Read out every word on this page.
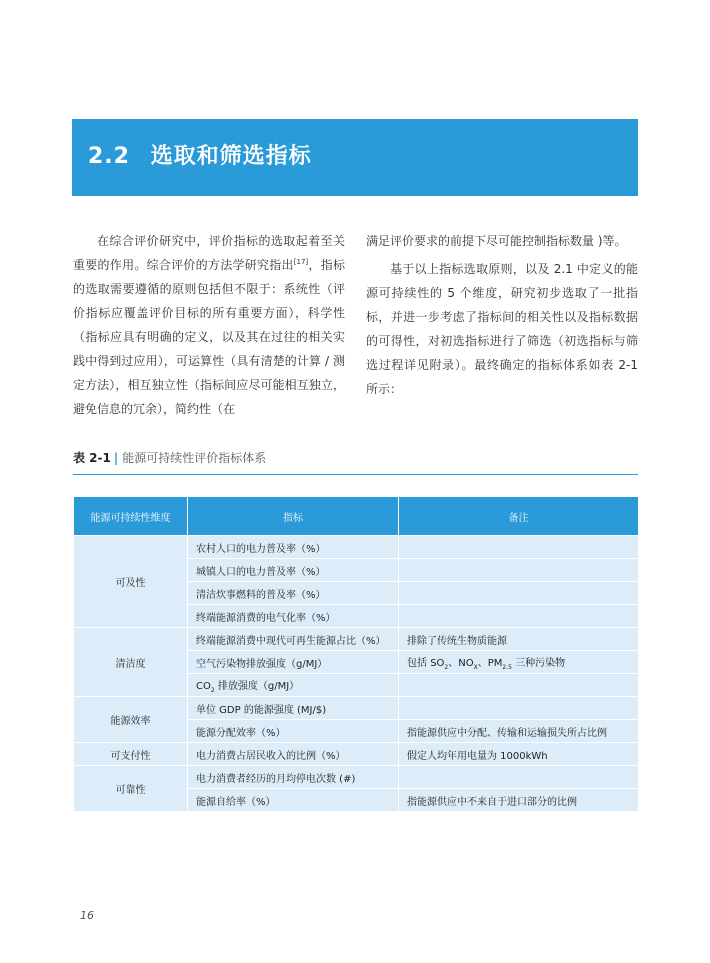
2.2 选取和筛选指标

在综合评价研究中，评价指标的选取起着至关重要的作用。综合评价的方法学研究指出[17]，指标的选取需要遵循的原则包括但不限于：系统性（评价指标应覆盖评价目标的所有重要方面），科学性（指标应具有明确的定义，以及其在过往的相关实践中得到过应用），可运算性（具有清楚的计算 / 测定方法），相互独立性（指标间应尽可能相互独立，避免信息的冗余），简约性（在

满足评价要求的前提下尽可能控制指标数量 )等。

基于以上指标选取原则，以及 2.1 中定义的能源可持续性的 5 个维度，研究初步选取了一批指标，并进一步考虑了指标间的相关性以及指标数据的可得性，对初选指标进行了筛选（初选指标与筛选过程详见附录）。最终确定的指标体系如表 2-1 所示：

表 2-1 | 能源可持续性评价指标体系
能源可持续性维度	指标	备注
可及性	农村人口的电力普及率（%）	
	城镇人口的电力普及率（%）	
	清洁炊事燃料的普及率（%）	
	终端能源消费的电气化率（%）	
清洁度	终端能源消费中现代可再生能源占比（%）	排除了传统生物质能源
	空气污染物排放强度（g/MJ）	包括 $SO_2$、$NO_X$、$PM_{2.5}$ 三种污染物
	$CO_2$ 排放强度（g/MJ）	
能源效率	单位 GDP 的能源强度 (MJ/$)	
	能源分配效率（%）	指能源供应中分配、传输和运输损失所占比例
可支付性	电力消费占居民收入的比例（%）	假定人均年用电量为 1000kWh
可靠性	电力消费者经历的月均停电次数 (#)	
	能源自给率（%）	指能源供应中不来自于进口部分的比例
16
